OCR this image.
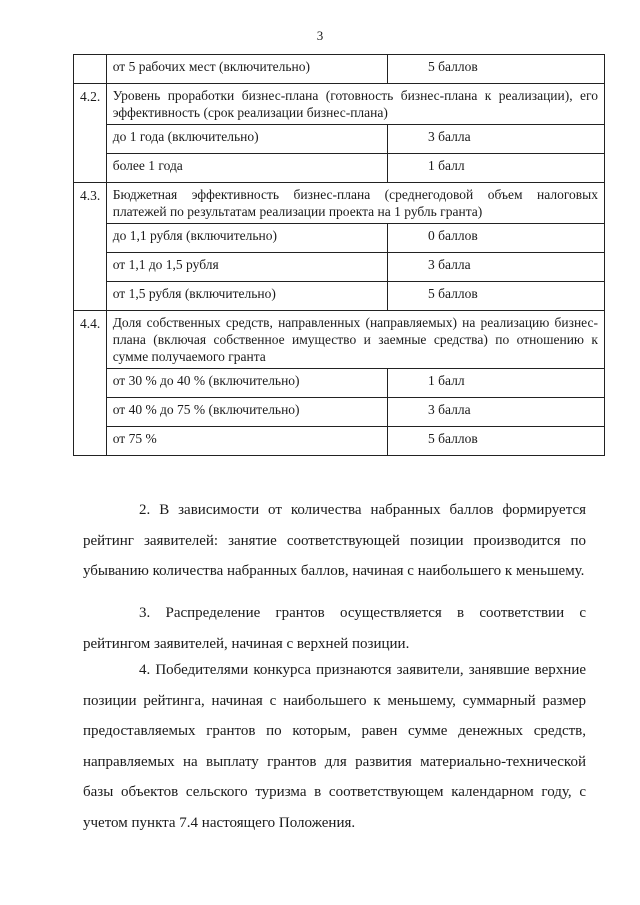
3
	от 5 рабочих мест (включительно)	5 баллов
4.2.	Уровень проработки бизнес-плана (готовность бизнес-плана к реализации), его эффективность (срок реализации бизнес-плана)	
	до 1 года (включительно)	3 балла
	более 1 года	1 балл
4.3.	Бюджетная эффективность бизнес-плана (среднегодовой объем налоговых платежей по результатам реализации проекта на 1 рубль гранта)	
	до 1,1 рубля (включительно)	0 баллов
	от 1,1 до 1,5 рубля	3 балла
	от 1,5 рубля (включительно)	5 баллов
4.4.	Доля собственных средств, направленных (направляемых) на реализацию бизнес-плана (включая собственное имущество и заемные средства) по отношению к сумме получаемого гранта	
	от 30 % до 40 % (включительно)	1 балл
	от 40 % до 75 % (включительно)	3 балла
	от 75 %	5 баллов

2. В зависимости от количества набранных баллов формируется рейтинг заявителей: занятие соответствующей позиции производится по убыванию количества набранных баллов, начиная с наибольшего к меньшему.

3. Распределение грантов осуществляется в соответствии с рейтингом заявителей, начиная с верхней позиции.

4. Победителями конкурса признаются заявители, занявшие верхние позиции рейтинга, начиная с наибольшего к меньшему, суммарный размер предоставляемых грантов по которым, равен сумме денежных средств, направляемых на выплату грантов для развития материально-технической базы объектов сельского туризма в соответствующем календарном году, с учетом пункта 7.4 настоящего Положения.
